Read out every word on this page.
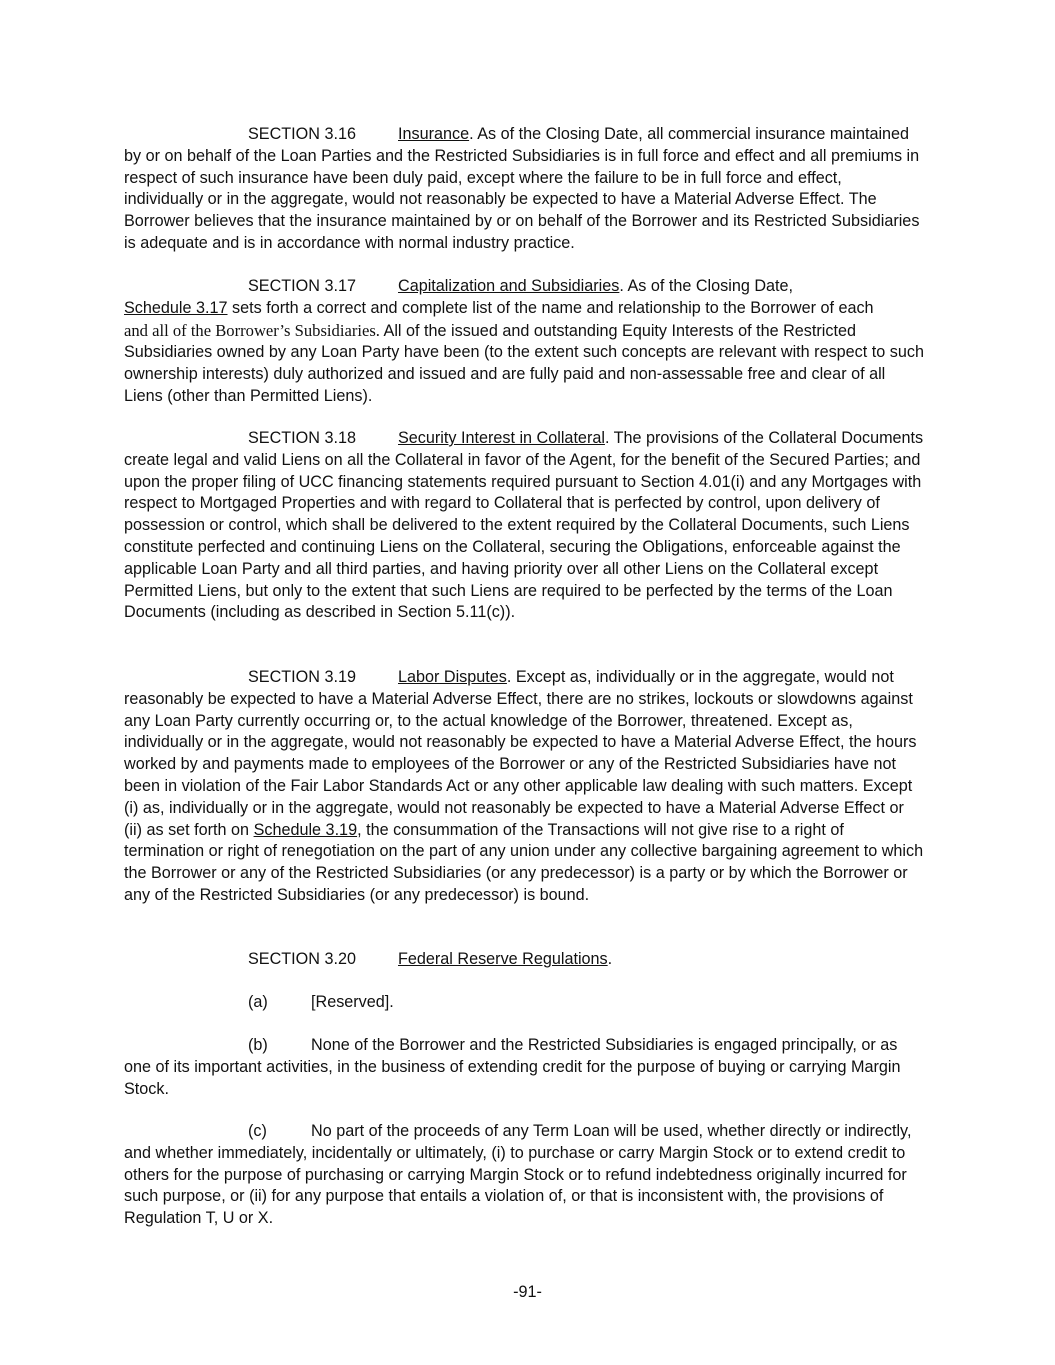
SECTION 3.16	Insurance. As of the Closing Date, all commercial insurance maintained by or on behalf of the Loan Parties and the Restricted Subsidiaries is in full force and effect and all premiums in respect of such insurance have been duly paid, except where the failure to be in full force and effect, individually or in the aggregate, would not reasonably be expected to have a Material Adverse Effect. The Borrower believes that the insurance maintained by or on behalf of the Borrower and its Restricted Subsidiaries is adequate and is in accordance with normal industry practice.

SECTION 3.17	Capitalization and Subsidiaries. As of the Closing Date,
Schedule 3.17 sets forth a correct and complete list of the name and relationship to the Borrower of each
and all of the Borrower’s Subsidiaries. All of the issued and outstanding Equity Interests of the Restricted Subsidiaries owned by any Loan Party have been (to the extent such concepts are relevant with respect to such ownership interests) duly authorized and issued and are fully paid and non-assessable free and clear of all Liens (other than Permitted Liens).

SECTION 3.18	Security Interest in Collateral. The provisions of the Collateral Documents create legal and valid Liens on all the Collateral in favor of the Agent, for the benefit of the Secured Parties; and upon the proper filing of UCC financing statements required pursuant to Section 4.01(i) and any Mortgages with respect to Mortgaged Properties and with regard to Collateral that is perfected by control, upon delivery of possession or control, which shall be delivered to the extent required by the Collateral Documents, such Liens constitute perfected and continuing Liens on the Collateral, securing the Obligations, enforceable against the applicable Loan Party and all third parties, and having priority over all other Liens on the Collateral except Permitted Liens, but only to the extent that such Liens are required to be perfected by the terms of the Loan Documents (including as described in Section 5.11(c)).

SECTION 3.19	Labor Disputes. Except as, individually or in the aggregate, would not reasonably be expected to have a Material Adverse Effect, there are no strikes, lockouts or slowdowns against any Loan Party currently occurring or, to the actual knowledge of the Borrower, threatened. Except as, individually or in the aggregate, would not reasonably be expected to have a Material Adverse Effect, the hours worked by and payments made to employees of the Borrower or any of the Restricted Subsidiaries have not been in violation of the Fair Labor Standards Act or any other applicable law dealing with such matters. Except (i) as, individually or in the aggregate, would not reasonably be expected to have a Material Adverse Effect or (ii) as set forth on Schedule 3.19, the consummation of the Transactions will not give rise to a right of termination or right of renegotiation on the part of any union under any collective bargaining agreement to which the Borrower or any of the Restricted Subsidiaries (or any predecessor) is a party or by which the Borrower or any of the Restricted Subsidiaries (or any predecessor) is bound.

SECTION 3.20	Federal Reserve Regulations.

(a)	[Reserved].

(b)	None of the Borrower and the Restricted Subsidiaries is engaged principally, or as one of its important activities, in the business of extending credit for the purpose of buying or carrying Margin Stock.

(c)	No part of the proceeds of any Term Loan will be used, whether directly or indirectly, and whether immediately, incidentally or ultimately, (i) to purchase or carry Margin Stock or to extend credit to others for the purpose of purchasing or carrying Margin Stock or to refund indebtedness originally incurred for such purpose, or (ii) for any purpose that entails a violation of, or that is inconsistent with, the provisions of Regulation T, U or X.

-91-
